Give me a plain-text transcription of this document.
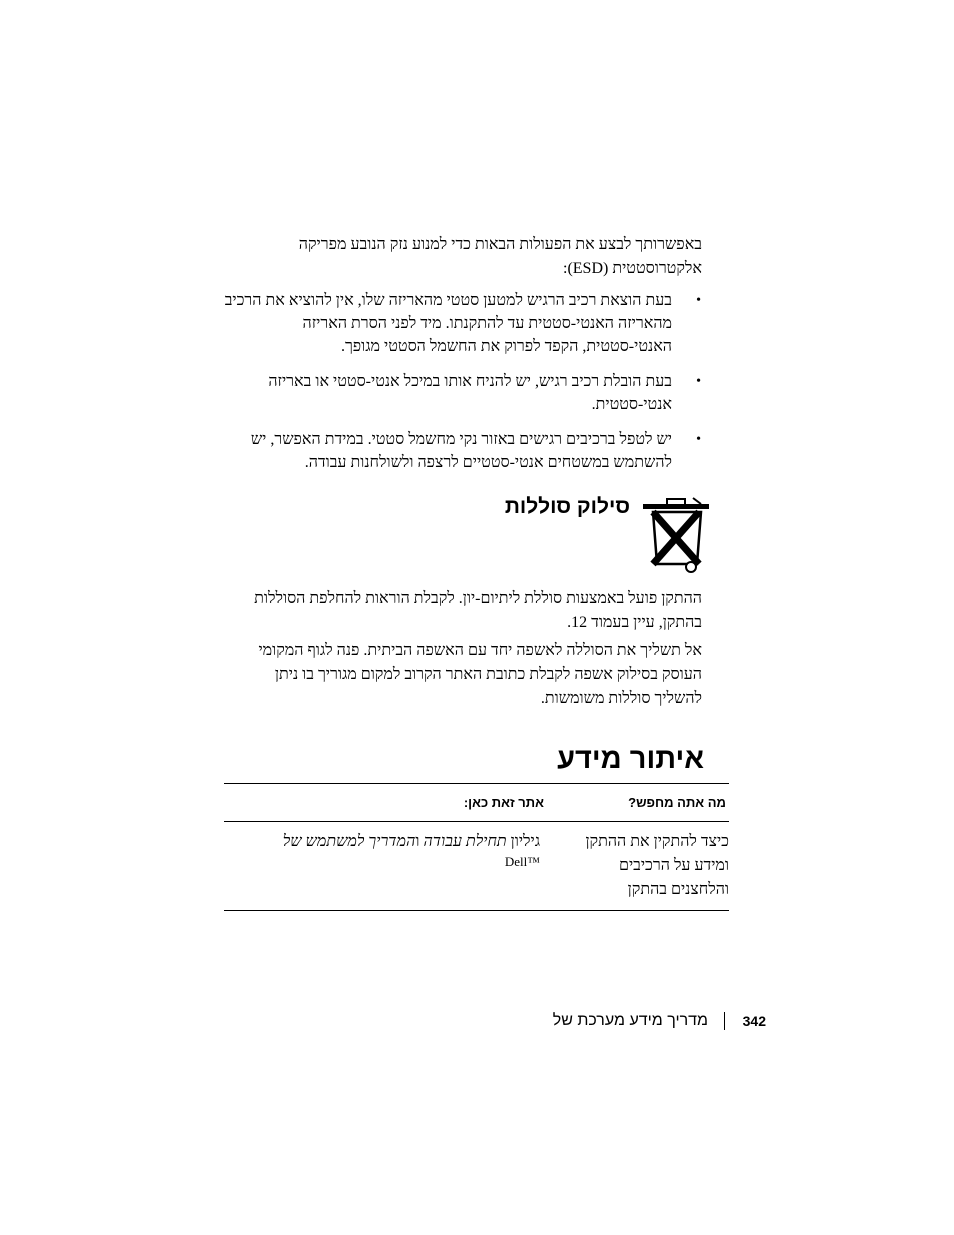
באפשרותך לבצע את הפעולות הבאות כדי למנוע נזק הנובע מפריקה אלקטרוסטטית (ESD):

•
בעת הוצאת רכיב הרגיש למטען סטטי מהאריזה שלו, אין להוציא את הרכיב מהאריזה האנטי-סטטית עד להתקנתו. מיד לפני הסרת האריזה האנטי-סטטית, הקפד לפרוק את החשמל הסטטי מגופך.
•
בעת הובלת רכיב רגיש, יש להניח אותו במיכל אנטי-סטטי או באריזה אנטי-סטטית.
•
יש לטפל ברכיבים רגישים באזור נקי מחשמל סטטי. במידת האפשר, יש להשתמש במשטחים אנטי-סטטיים לרצפה ולשולחנות עבודה.
סילוק סוללות

ההתקן פועל באמצעות סוללת ליתיום-יון. לקבלת הוראות להחלפת הסוללות בהתקן, עיין בעמוד 12.

אל תשליך את הסוללה לאשפה יחד עם האשפה הביתית. פנה לגוף המקומי העוסק בסילוק אשפה לקבלת כתובת האתר הקרוב למקום מגוריך בו ניתן להשליך סוללות משומשות.

איתור מידע
מה אתה מחפש?	אתר זאת כאן:
כיצד להתקין את ההתקן ומידע על הרכיבים והלחצנים בהתקן	גיליון תחילת עבודה והמדריך למשתמש של
Dell™
מדריך מידע מערכת של 342
